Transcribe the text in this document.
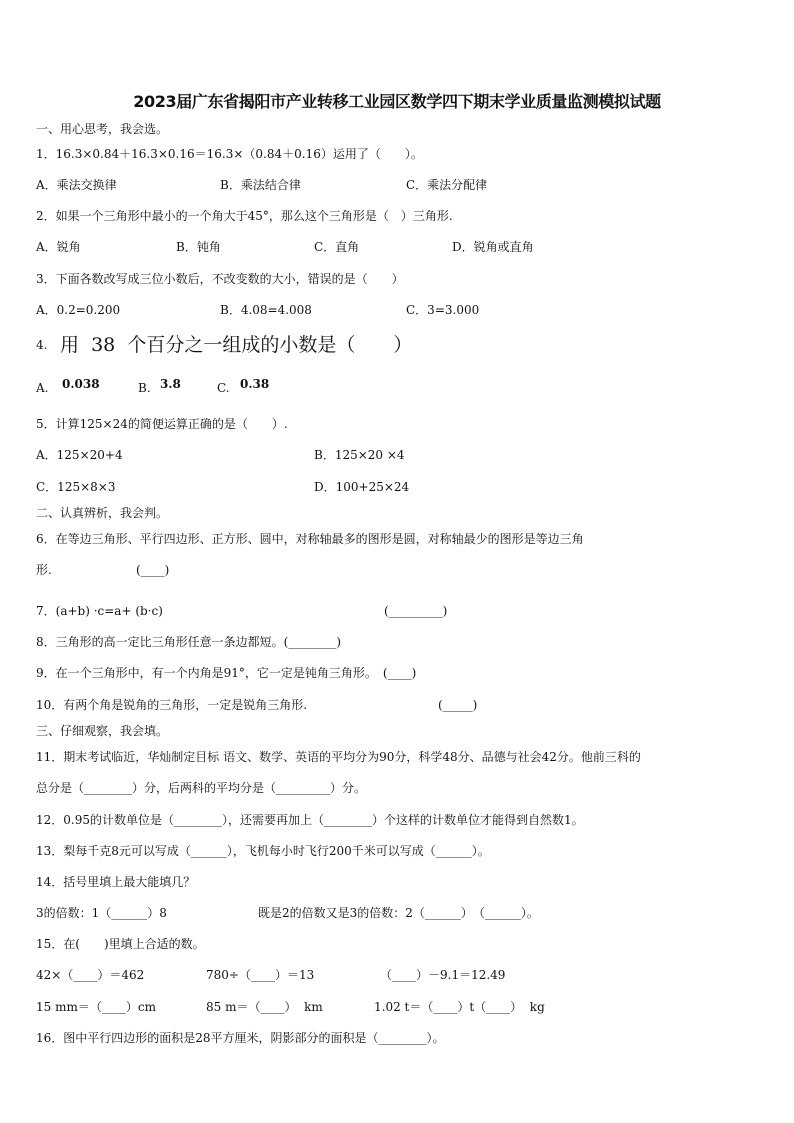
2023届广东省揭阳市产业转移工业园区数学四下期末学业质量监测模拟试题
一、用心思考，我会选。
1．16.3×0.84＋16.3×0.16＝16.3×（0.84＋0.16）运用了（　　）。
A．乘法交换律	B．乘法结合律	C．乘法分配律
2．如果一个三角形中最小的一个角大于45°，那么这个三角形是（　）三角形.
A．锐角	B．钝角	C．直角	D．锐角或直角
3．下面各数改写成三位小数后，不改变数的大小，错误的是（　　）
A．0.2=0.200	B．4.08=4.008	C．3=3.000
4. 用  38  个百分之一组成的小数是（　　）
A. 0.038	B. 3.8	C. 0.38
5．计算125×24的简便运算正确的是（　　）.
A．125×20+4	B．125×20 ×4
C．125×8×3	D．100+25×24
二、认真辨析，我会判。
6．在等边三角形、平行四边形、正方形、圆中，对称轴最多的图形是圆，对称轴最少的图形是等边三角
形.	(____)
7．(a+b) ·c=a+ (b·c)	(_________)
8．三角形的高一定比三角形任意一条边都短。(________)
9．在一个三角形中，有一个内角是91°，它一定是钝角三角形。　(____)
10．有两个角是锐角的三角形，一定是锐角三角形.	(_____)
三、仔细观察，我会填。
11．期末考试临近，华灿制定目标 语文、数学、英语的平均分为90分，科学48分、品德与社会42分。他前三科的
总分是（________）分，后两科的平均分是（_________）分。
12．0.95的计数单位是（________），还需要再加上（________）个这样的计数单位才能得到自然数1。
13．梨每千克8元可以写成（______），飞机每小时飞行200千米可以写成（______）。
14．括号里填上最大能填几？
3的倍数：1（______）8	既是2的倍数又是3的倍数：2（______）　（______）。
15．在(　　)里填上合适的数。
42×（____）＝462	780÷（____）＝13	（____）－9.1＝12.49
15 mm＝（____）cm	85 m＝（____）  km	1.02 t＝（____）t（____）  kg
16．图中平行四边形的面积是28平方厘米，阴影部分的面积是（________）。
